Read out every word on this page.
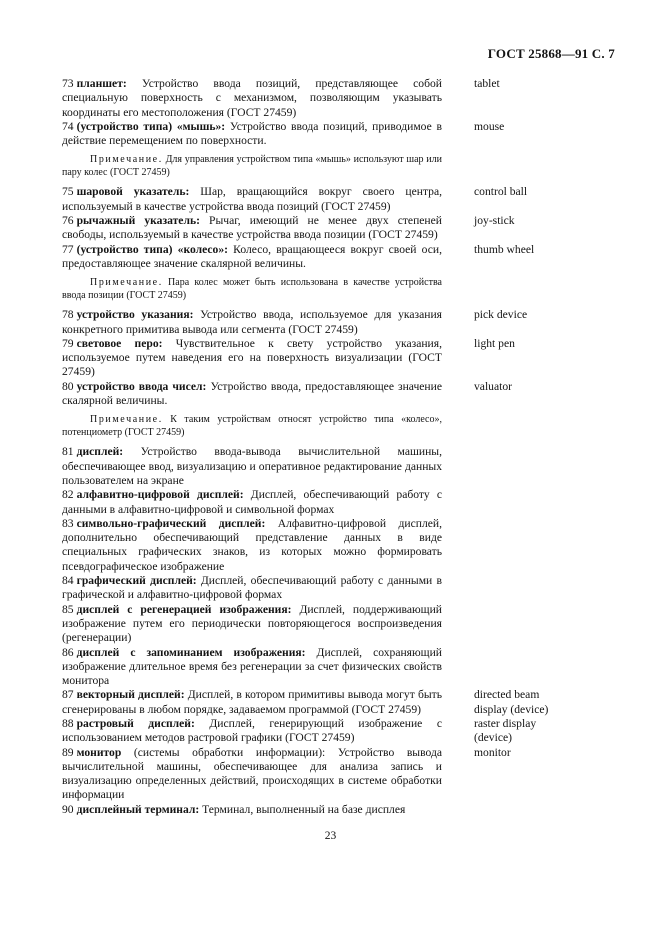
ГОСТ 25868—91 С. 7
73 планшет: Устройство ввода позиций, представляющее собой специальную поверхность с механизмом, позволяющим указывать координаты его местоположения (ГОСТ 27459)
tablet
74 (устройство типа) «мышь»: Устройство ввода позиций, приводимое в действие перемещением по поверхности.
mouse
Примечание. Для управления устройством типа «мышь» используют шар или пару колес (ГОСТ 27459)
75 шаровой указатель: Шар, вращающийся вокруг своего центра, используемый в качестве устройства ввода позиций (ГОСТ 27459)
control ball
76 рычажный указатель: Рычаг, имеющий не менее двух степеней свободы, используемый в качестве устройства ввода позиции (ГОСТ 27459)
joy-stick
77 (устройство типа) «колесо»: Колесо, вращающееся вокруг своей оси, предоставляющее значение скалярной величины.
thumb wheel
Примечание. Пара колес может быть использована в качестве устройства ввода позиции (ГОСТ 27459)
78 устройство указания: Устройство ввода, используемое для указания конкретного примитива вывода или сегмента (ГОСТ 27459)
pick device
79 световое перо: Чувствительное к свету устройство указания, используемое путем наведения его на поверхность визуализации (ГОСТ 27459)
light pen
80 устройство ввода чисел: Устройство ввода, предоставляющее значение скалярной величины.
valuator
Примечание. К таким устройствам относят устройство типа «колесо», потенциометр (ГОСТ 27459)
81 дисплей: Устройство ввода-вывода вычислительной машины, обеспечивающее ввод, визуализацию и оперативное редактирование данных пользователем на экране
82 алфавитно-цифровой дисплей: Дисплей, обеспечивающий работу с данными в алфавитно-цифровой и символьной формах
83 символьно-графический дисплей: Алфавитно-цифровой дисплей, дополнительно обеспечивающий представление данных в виде специальных графических знаков, из которых можно формировать псевдографическое изображение
84 графический дисплей: Дисплей, обеспечивающий работу с данными в графической и алфавитно-цифровой формах
85 дисплей с регенерацией изображения: Дисплей, поддерживающий изображение путем его периодически повторяющегося воспроизведения (регенерации)
86 дисплей с запоминанием изображения: Дисплей, сохраняющий изображение длительное время без регенерации за счет физических свойств монитора
87 векторный дисплей: Дисплей, в котором примитивы вывода могут быть сгенерированы в любом порядке, задаваемом программой (ГОСТ 27459)
directed beam
display (device)
88 растровый дисплей: Дисплей, генерирующий изображение с использованием методов растровой графики (ГОСТ 27459)
raster display
(device)
89 монитор (системы обработки информации): Устройство вывода вычислительной машины, обеспечивающее для анализа запись и визуализацию определенных действий, происходящих в системе обработки информации
monitor
90 дисплейный терминал: Терминал, выполненный на базе дисплея
23
